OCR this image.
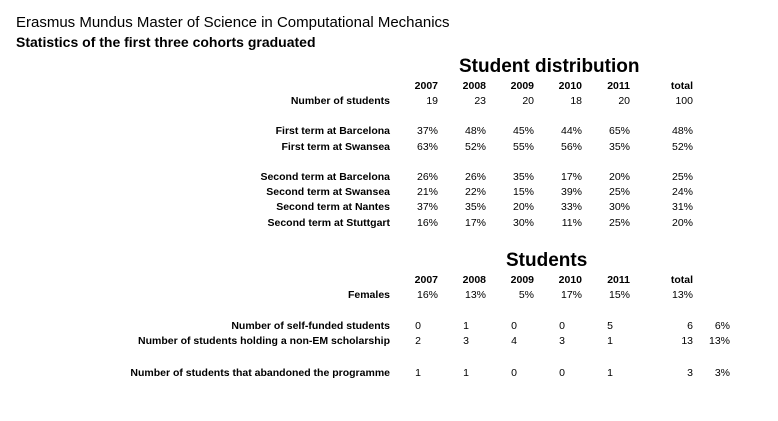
Erasmus Mundus Master of Science in Computational Mechanics
Statistics of the first three cohorts graduated
Student distribution
2007	2008	2009	2010	2011	total
Number of students	19	23	20	18	20	100
First term at Barcelona	37%	48%	45%	44%	65%	48%
First term at Swansea	63%	52%	55%	56%	35%	52%
Second term at Barcelona	26%	26%	35%	17%	20%	25%
Second term at Swansea	21%	22%	15%	39%	25%	24%
Second term at Nantes	37%	35%	20%	33%	30%	31%
Second term at Stuttgart	16%	17%	30%	11%	25%	20%
Students
2007	2008	2009	2010	2011	total
Females	16%	13%	5%	17%	15%	13%
Number of self-funded students	0	1	0	0	5	6	6%
Number of students holding a non-EM scholarship	2	3	4	3	1	13	13%
Number of students that abandoned the programme	1	1	0	0	1	3	3%
